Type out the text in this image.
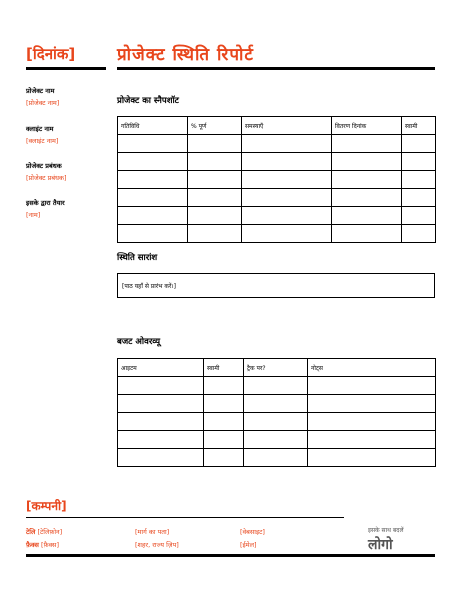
[दिनांक] प्रोजेक्ट स्थिति रिपोर्ट
प्रोजेक्ट नाम
[प्रोजेक्ट नाम]
क्लाइंट नाम
[क्लाइंट नाम]
प्रोजेक्ट प्रबंधक
[प्रोजेक्ट प्रबंधक]
इसके द्वारा तैयार
[नाम]
प्रोजेक्ट का स्नैपशॉट
गतिविधि	% पूर्ण	समस्याएँ	वितरण दिनांक	स्वामी

स्थिति सारांश
[पाठ यहाँ से प्रारंभ करें।]
बजट ओवरव्यू
आइटम	स्वामी	ट्रैक पर?	नोट्स

[कम्पनी]
टेलि [टेलिफ़ोन]
फ़ैक्स [फ़ैक्स]
[मार्ग का पता]
[शहर, राज्य ज़िप]
[वेबसाइट]
[ईमेल]
इसके साथ बदलें
लोगो
